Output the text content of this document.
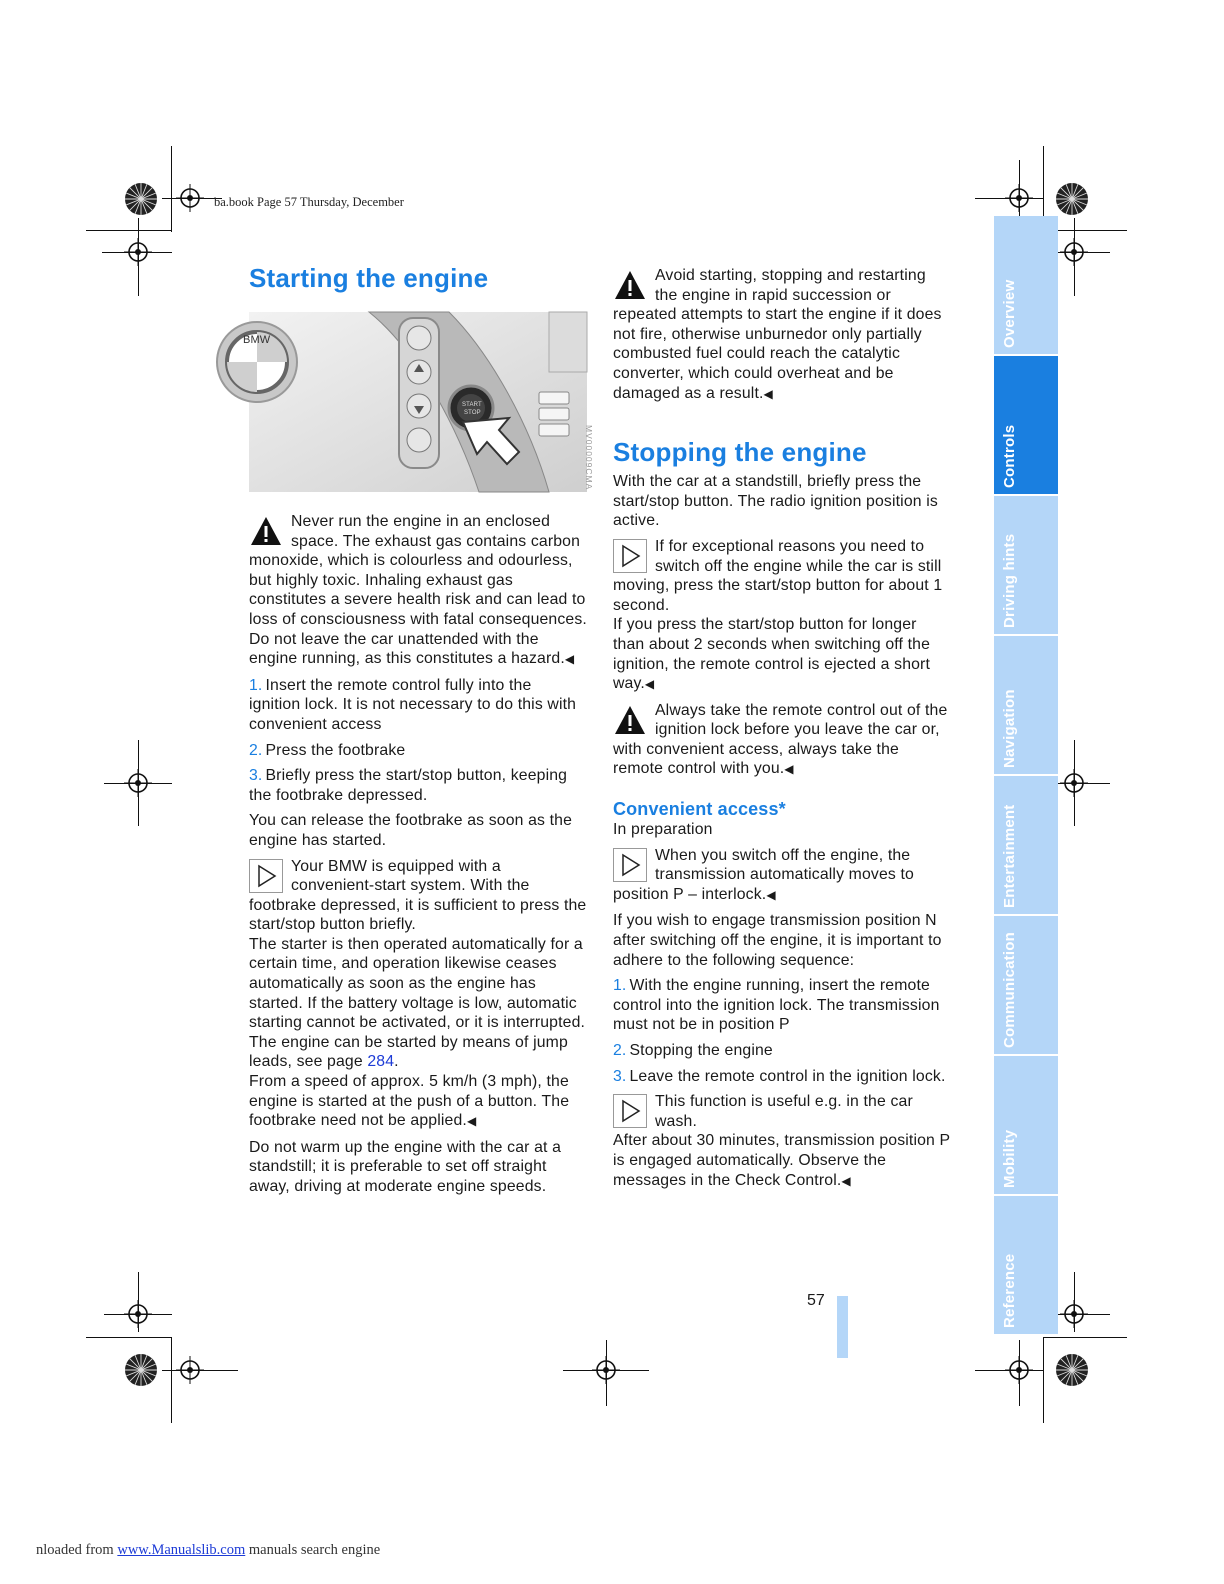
ba.book Page 57 Thursday, December
Starting the engine
BMW
START
STOP

Never run the engine in an enclosed space. The exhaust gas contains carbon monoxide, which is colourless and odourless, but highly toxic. Inhaling exhaust gas constitutes a severe health risk and can lead to loss of consciousness with fatal consequences.

Do not leave the car unattended with the engine running, as this constitutes a hazard.◀

1. Insert the remote control fully into the ignition lock. It is not necessary to do this with convenient access

2. Press the footbrake

3. Briefly press the start/stop button, keeping the footbrake depressed.

You can release the footbrake as soon as the engine has started.

Your BMW is equipped with a convenient-start system. With the footbrake depressed, it is sufficient to press the start/stop button briefly.

The starter is then operated automatically for a certain time, and operation likewise ceases automatically as soon as the engine has started. If the battery voltage is low, automatic starting cannot be activated, or it is interrupted. The engine can be started by means of jump leads, see page 284.

From a speed of approx. 5 km/h (3 mph), the engine is started at the push of a button. The footbrake need not be applied.◀

Do not warm up the engine with the car at a standstill; it is preferable to set off straight away, driving at moderate engine speeds.

MV00009CMA

Avoid starting, stopping and restarting the engine in rapid succession or repeated attempts to start the engine if it does not fire, otherwise unburnedor only partially combusted fuel could reach the catalytic converter, which could overheat and be damaged as a result.◀

Stopping the engine

With the car at a standstill, briefly press the start/stop button. The radio ignition position is active.

If for exceptional reasons you need to switch off the engine while the car is still moving, press the start/stop button for about 1 second.

If you press the start/stop button for longer than about 2 seconds when switching off the ignition, the remote control is ejected a short way.◀

Always take the remote control out of the ignition lock before you leave the car or, with convenient access, always take the remote control with you.◀

Convenient access*

In preparation

When you switch off the engine, the transmission automatically moves to position P – interlock.◀

If you wish to engage transmission position N after switching off the engine, it is important to adhere to the following sequence:

1. With the engine running, insert the remote control into the ignition lock. The transmission must not be in position P

2. Stopping the engine

3. Leave the remote control in the ignition lock.

This function is useful e.g. in the car wash.

After about 30 minutes, transmission position P is engaged automatically. Observe the messages in the Check Control.◀

Overview
Controls
Driving hints
Navigation
Entertainment
Communication
Mobility
Reference
57
nloaded from www.Manualslib.com manuals search engine
